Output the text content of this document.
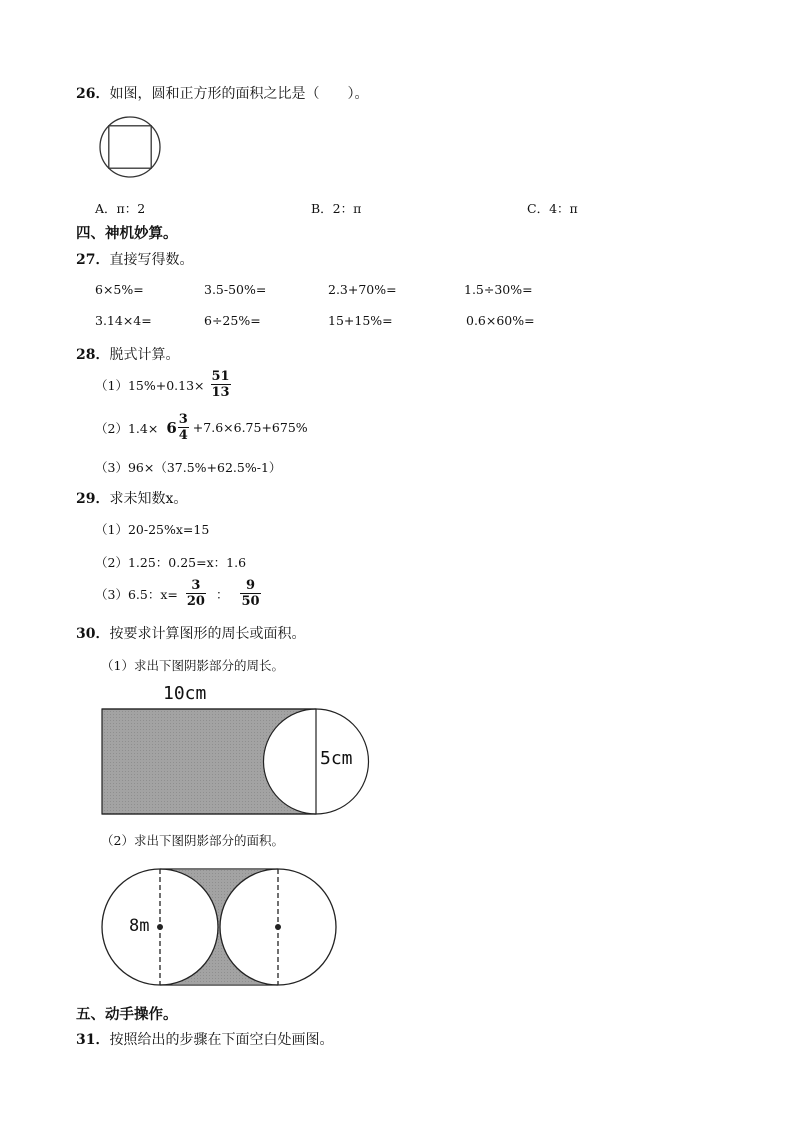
26．如图，圆和正方形的面积之比是（　　）。
A．π：2	B．2：π	C．4：π
四、神机妙算。
27．直接写得数。
6×5%=	3.5-50%=	2.3+70%=	1.5÷30%=
3.14×4=	6÷25%=	15+15%=	0.6×60%=
28．脱式计算。
$(1)15\%+0.13\times \frac{51}{13}$
$(2)1.4\times 6 \frac{3}{4} +7.6\times 6.75+675\%$
（3）96×（37.5%+62.5%-1）
29．求未知数x。
（1）20-25%x=15
（2）1.25：0.25=x：1.6
（3）6.5：$x= \frac{3}{20}$ ： $\frac{9}{50}$
30．按要求计算图形的周长或面积。
（1）求出下图阴影部分的周长。
10cm
5cm
（2）求出下图阴影部分的面积。
8m
五、动手操作。
31．按照给出的步骤在下面空白处画图。
